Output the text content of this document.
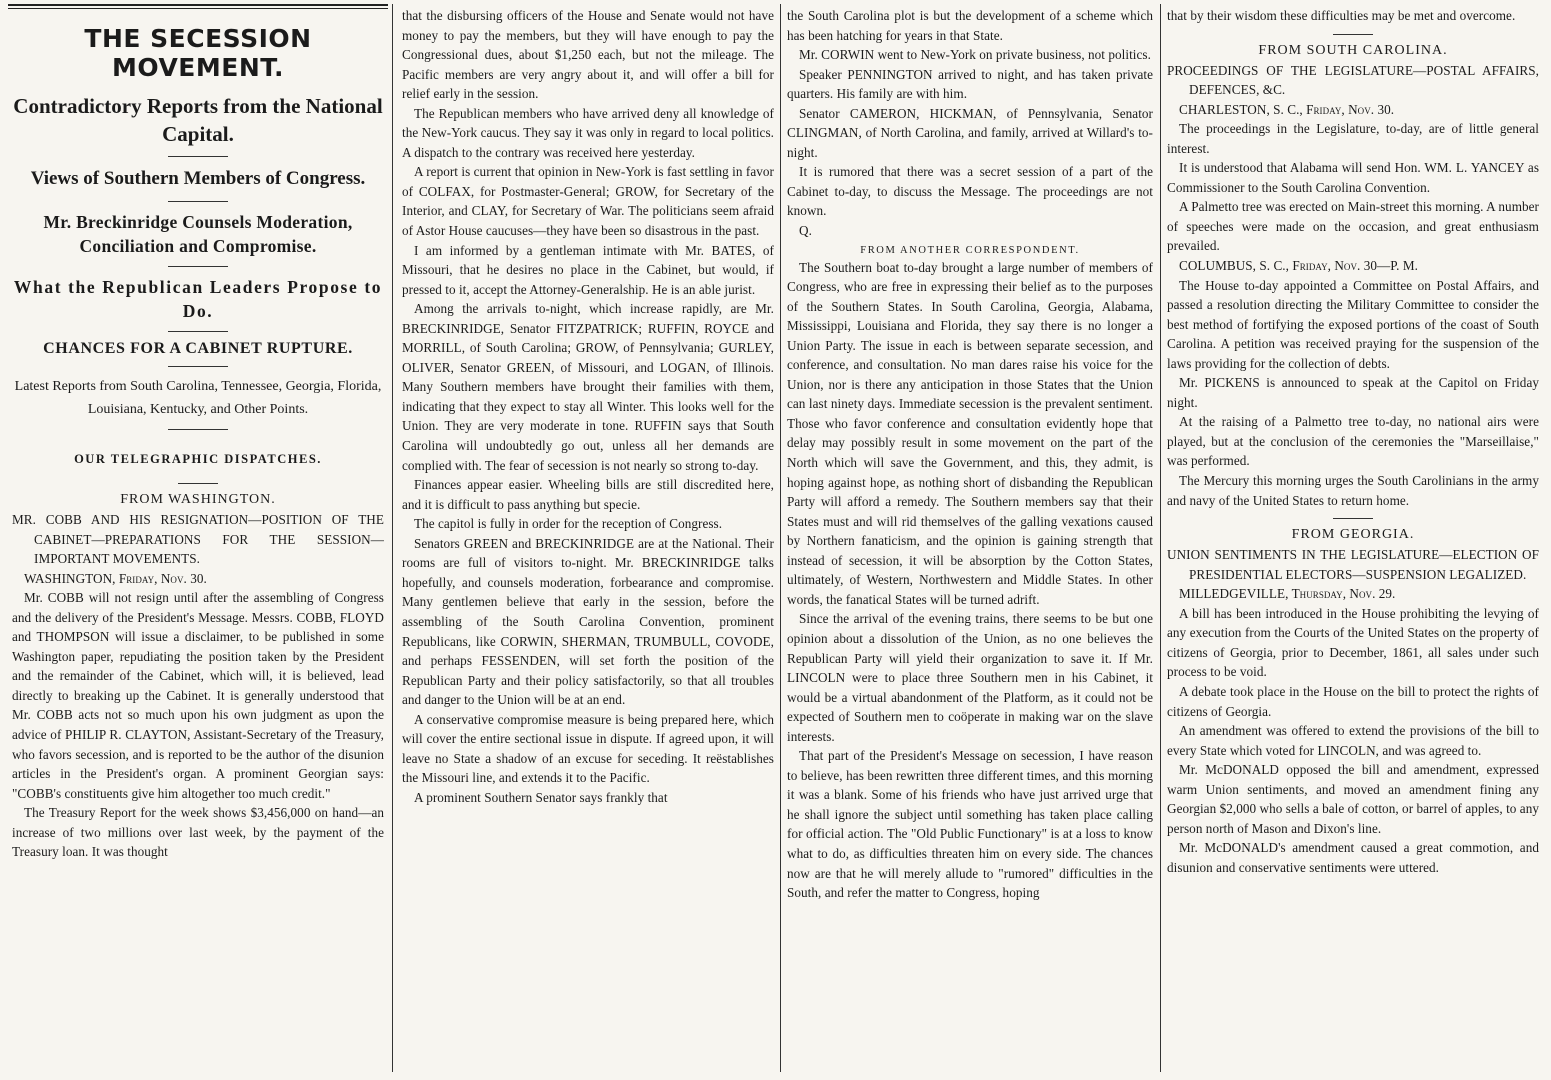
THE SECESSION MOVEMENT.
Contradictory Reports from the National Capital.
Views of Southern Members of Congress.
Mr. Breckinridge Counsels Moderation, Conciliation and Compromise.
What the Republican Leaders Propose to Do.
CHANCES FOR A CABINET RUPTURE.
Latest Reports from South Carolina, Tennessee, Georgia, Florida, Louisiana, Kentucky, and Other Points.
OUR TELEGRAPHIC DISPATCHES.
FROM WASHINGTON.

MR. COBB AND HIS RESIGNATION—POSITION OF THE CABINET—PREPARATIONS FOR THE SESSION—IMPORTANT MOVEMENTS.

WASHINGTON, Friday, Nov. 30.

Mr. COBB will not resign until after the assembling of Congress and the delivery of the President's Message. Messrs. COBB, FLOYD and THOMPSON will issue a disclaimer, to be published in some Washington paper, repudiating the position taken by the President and the remainder of the Cabinet, which will, it is believed, lead directly to breaking up the Cabinet. It is generally understood that Mr. COBB acts not so much upon his own judgment as upon the advice of PHILIP R. CLAYTON, Assistant-Secretary of the Treasury, who favors secession, and is reported to be the author of the disunion articles in the President's organ. A prominent Georgian says: "COBB's constituents give him altogether too much credit."

The Treasury Report for the week shows $3,456,000 on hand—an increase of two millions over last week, by the payment of the Treasury loan. It was thought

that the disbursing officers of the House and Senate would not have money to pay the members, but they will have enough to pay the Congressional dues, about $1,250 each, but not the mileage. The Pacific members are very angry about it, and will offer a bill for relief early in the session.

The Republican members who have arrived deny all knowledge of the New-York caucus. They say it was only in regard to local politics. A dispatch to the contrary was received here yesterday.

A report is current that opinion in New-York is fast settling in favor of COLFAX, for Postmaster-General; GROW, for Secretary of the Interior, and CLAY, for Secretary of War. The politicians seem afraid of Astor House caucuses—they have been so disastrous in the past.

I am informed by a gentleman intimate with Mr. BATES, of Missouri, that he desires no place in the Cabinet, but would, if pressed to it, accept the Attorney-Generalship. He is an able jurist.

Among the arrivals to-night, which increase rapidly, are Mr. BRECKINRIDGE, Senator FITZPATRICK; RUFFIN, ROYCE and MORRILL, of South Carolina; GROW, of Pennsylvania; GURLEY, OLIVER, Senator GREEN, of Missouri, and LOGAN, of Illinois. Many Southern members have brought their families with them, indicating that they expect to stay all Winter. This looks well for the Union. They are very moderate in tone. RUFFIN says that South Carolina will undoubtedly go out, unless all her demands are complied with. The fear of secession is not nearly so strong to-day.

Finances appear easier. Wheeling bills are still discredited here, and it is difficult to pass anything but specie.

The capitol is fully in order for the reception of Congress.

Senators GREEN and BRECKINRIDGE are at the National. Their rooms are full of visitors to-night. Mr. BRECKINRIDGE talks hopefully, and counsels moderation, forbearance and compromise. Many gentlemen believe that early in the session, before the assembling of the South Carolina Convention, prominent Republicans, like CORWIN, SHERMAN, TRUMBULL, COVODE, and perhaps FESSENDEN, will set forth the position of the Republican Party and their policy satisfactorily, so that all troubles and danger to the Union will be at an end.

A conservative compromise measure is being prepared here, which will cover the entire sectional issue in dispute. If agreed upon, it will leave no State a shadow of an excuse for seceding. It reëstablishes the Missouri line, and extends it to the Pacific.

A prominent Southern Senator says frankly that

the South Carolina plot is but the development of a scheme which has been hatching for years in that State.

Mr. CORWIN went to New-York on private business, not politics.

Speaker PENNINGTON arrived to night, and has taken private quarters. His family are with him.

Senator CAMERON, HICKMAN, of Pennsylvania, Senator CLINGMAN, of North Carolina, and family, arrived at Willard's to-night.

It is rumored that there was a secret session of a part of the Cabinet to-day, to discuss the Message. The proceedings are not known.

Q.

FROM ANOTHER CORRESPONDENT.

The Southern boat to-day brought a large number of members of Congress, who are free in expressing their belief as to the purposes of the Southern States. In South Carolina, Georgia, Alabama, Mississippi, Louisiana and Florida, they say there is no longer a Union Party. The issue in each is between separate secession, and conference, and consultation. No man dares raise his voice for the Union, nor is there any anticipation in those States that the Union can last ninety days. Immediate secession is the prevalent sentiment. Those who favor conference and consultation evidently hope that delay may possibly result in some movement on the part of the North which will save the Government, and this, they admit, is hoping against hope, as nothing short of disbanding the Republican Party will afford a remedy. The Southern members say that their States must and will rid themselves of the galling vexations caused by Northern fanaticism, and the opinion is gaining strength that instead of secession, it will be absorption by the Cotton States, ultimately, of Western, Northwestern and Middle States. In other words, the fanatical States will be turned adrift.

Since the arrival of the evening trains, there seems to be but one opinion about a dissolution of the Union, as no one believes the Republican Party will yield their organization to save it. If Mr. LINCOLN were to place three Southern men in his Cabinet, it would be a virtual abandonment of the Platform, as it could not be expected of Southern men to coöperate in making war on the slave interests.

That part of the President's Message on secession, I have reason to believe, has been rewritten three different times, and this morning it was a blank. Some of his friends who have just arrived urge that he shall ignore the subject until something has taken place calling for official action. The "Old Public Functionary" is at a loss to know what to do, as difficulties threaten him on every side. The chances now are that he will merely allude to "rumored" difficulties in the South, and refer the matter to Congress, hoping

that by their wisdom these difficulties may be met and overcome.

FROM SOUTH CAROLINA.

PROCEEDINGS OF THE LEGISLATURE—POSTAL AFFAIRS, DEFENCES, &C.

CHARLESTON, S. C., Friday, Nov. 30.

The proceedings in the Legislature, to-day, are of little general interest.

It is understood that Alabama will send Hon. WM. L. YANCEY as Commissioner to the South Carolina Convention.

A Palmetto tree was erected on Main-street this morning. A number of speeches were made on the occasion, and great enthusiasm prevailed.

COLUMBUS, S. C., Friday, Nov. 30—P. M.

The House to-day appointed a Committee on Postal Affairs, and passed a resolution directing the Military Committee to consider the best method of fortifying the exposed portions of the coast of South Carolina. A petition was received praying for the suspension of the laws providing for the collection of debts.

Mr. PICKENS is announced to speak at the Capitol on Friday night.

At the raising of a Palmetto tree to-day, no national airs were played, but at the conclusion of the ceremonies the "Marseillaise," was performed.

The Mercury this morning urges the South Carolinians in the army and navy of the United States to return home.

FROM GEORGIA.

UNION SENTIMENTS IN THE LEGISLATURE—ELECTION OF PRESIDENTIAL ELECTORS—SUSPENSION LEGALIZED.

MILLEDGEVILLE, Thursday, Nov. 29.

A bill has been introduced in the House prohibiting the levying of any execution from the Courts of the United States on the property of citizens of Georgia, prior to December, 1861, all sales under such process to be void.

A debate took place in the House on the bill to protect the rights of citizens of Georgia.

An amendment was offered to extend the provisions of the bill to every State which voted for LINCOLN, and was agreed to.

Mr. McDONALD opposed the bill and amendment, expressed warm Union sentiments, and moved an amendment fining any Georgian $2,000 who sells a bale of cotton, or barrel of apples, to any person north of Mason and Dixon's line.

Mr. McDONALD's amendment caused a great commotion, and disunion and conservative sentiments were uttered.
